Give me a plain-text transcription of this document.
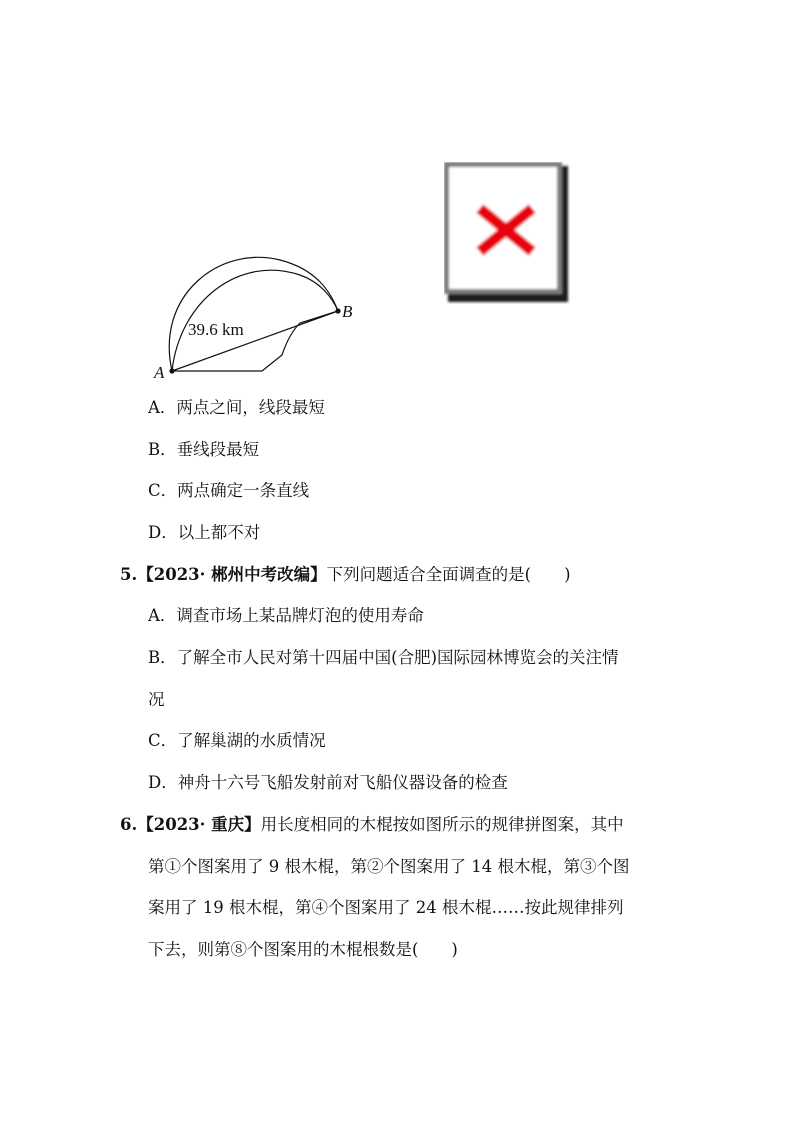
39.6 km
A
B
A．两点之间，线段最短
B．垂线段最短
C．两点确定一条直线
D．以上都不对
5.【2023· 郴州中考改编】下列问题适合全面调查的是(　　)
A．调查市场上某品牌灯泡的使用寿命
B．了解全市人民对第十四届中国(合肥)国际园林博览会的关注情
况
C．了解巢湖的水质情况
D．神舟十六号飞船发射前对飞船仪器设备的检查
6.【2023· 重庆】用长度相同的木棍按如图所示的规律拼图案，其中
第①个图案用了 9 根木棍，第②个图案用了 14 根木棍，第③个图
案用了 19 根木棍，第④个图案用了 24 根木棍……按此规律排列
下去，则第⑧个图案用的木棍根数是(　　)
